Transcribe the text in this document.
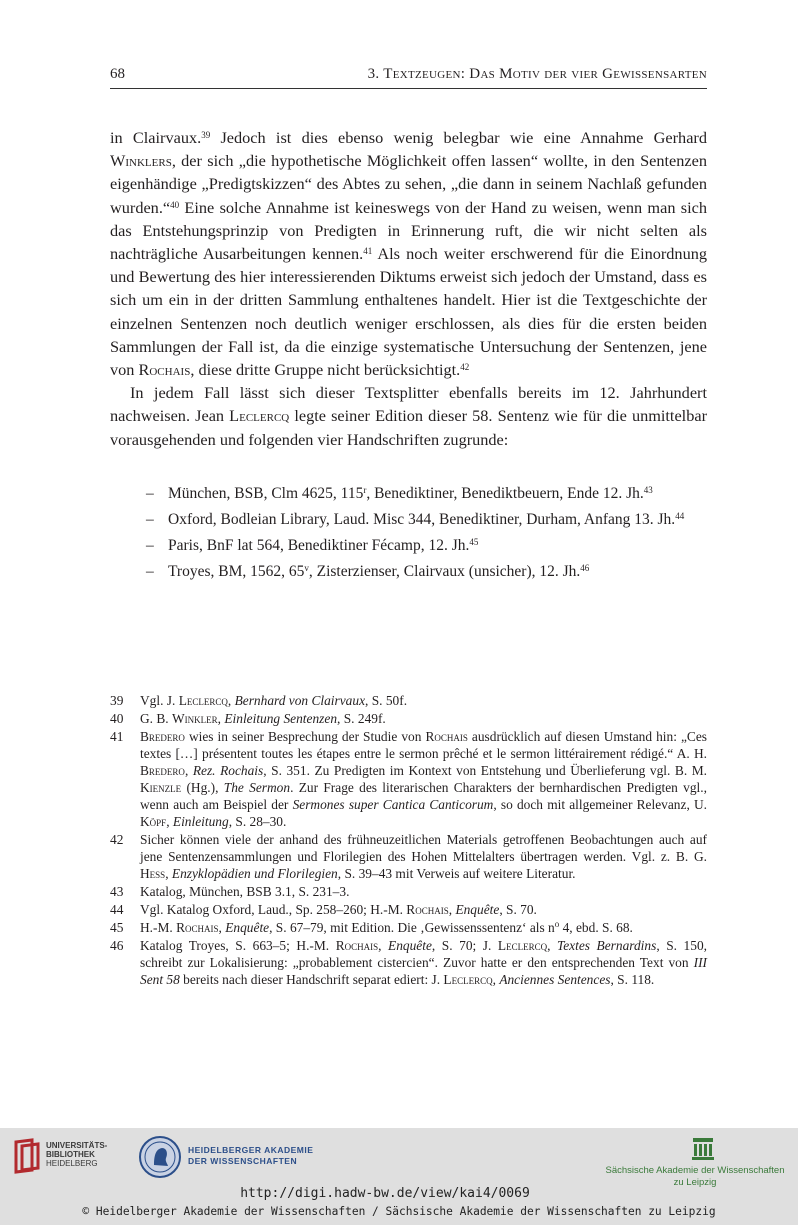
68	3. Textzeugen: Das Motiv der vier Gewissensarten

in Clairvaux.$^{39}$ Jedoch ist dies ebenso wenig belegbar wie eine Annahme Gerhard Winklers, der sich „die hypothetische Möglichkeit offen lassen“ wollte, in den Sentenzen eigenhändige „Predigtskizzen“ des Abtes zu sehen, „die dann in seinem Nachlaß gefunden wurden.“$^{40}$ Eine solche Annahme ist keineswegs von der Hand zu weisen, wenn man sich das Entstehungsprinzip von Predigten in Erinnerung ruft, die wir nicht selten als nachträgliche Ausarbeitungen kennen.$^{41}$ Als noch weiter erschwerend für die Einordnung und Bewertung des hier interessierenden Diktums erweist sich jedoch der Umstand, dass es sich um ein in der dritten Sammlung enthaltenes handelt. Hier ist die Textgeschichte der einzelnen Sentenzen noch deutlich weniger erschlossen, als dies für die ersten beiden Sammlungen der Fall ist, da die einzige systematische Untersuchung der Sentenzen, jene von Rochais, diese dritte Gruppe nicht berücksichtigt.$^{42}$

In jedem Fall lässt sich dieser Textsplitter ebenfalls bereits im 12. Jahrhundert nachweisen. Jean Leclercq legte seiner Edition dieser 58. Sentenz wie für die unmittelbar vorausgehenden und folgenden vier Handschriften zugrunde:

– München, BSB, Clm 4625, 115$^r$, Benediktiner, Benediktbeuern, Ende 12. Jh.$^{43}$
– Oxford, Bodleian Library, Laud. Misc 344, Benediktiner, Durham, Anfang 13. Jh.$^{44}$
– Paris, BnF lat 564, Benediktiner Fécamp, 12. Jh.$^{45}$
– Troyes, BM, 1562, 65$^v$, Zisterzienser, Clairvaux (unsicher), 12. Jh.$^{46}$
39 Vgl. J. Leclercq, Bernhard von Clairvaux, S. 50f.
40 G. B. Winkler, Einleitung Sentenzen, S. 249f.
41 Bredero wies in seiner Besprechung der Studie von Rochais ausdrücklich auf diesen Umstand hin: „Ces textes […] présentent toutes les étapes entre le sermon prêché et le sermon littérairement rédigé.“ A. H. Bredero, Rez. Rochais, S. 351. Zu Predigten im Kontext von Entstehung und Überlieferung vgl. B. M. Kienzle (Hg.), The Sermon. Zur Frage des literarischen Charakters der bernhardischen Predigten vgl., wenn auch am Beispiel der Sermones super Cantica Canticorum, so doch mit allgemeiner Relevanz, U. Köpf, Einleitung, S. 28–30.
42 Sicher können viele der anhand des frühneuzeitlichen Materials getroffenen Beobachtungen auch auf jene Sentenzensammlungen und Florilegien des Hohen Mittelalters übertragen werden. Vgl. z. B. G. Hess, Enzyklopädien und Florilegien, S. 39–43 mit Verweis auf weitere Literatur.
43 Katalog, München, BSB 3.1, S. 231–3.
44 Vgl. Katalog Oxford, Laud., Sp. 258–260; H.-M. Rochais, Enquête, S. 70.
45 H.-M. Rochais, Enquête, S. 67–79, mit Edition. Die ‚Gewissenssentenz‘ als $n^o$ 4, ebd. S. 68.
46 Katalog Troyes, S. 663–5; H.-M. Rochais, Enquête, S. 70; J. Leclercq, Textes Bernardins, S. 150, schreibt zur Lokalisierung: „probablement cistercien“. Zuvor hatte er den entsprechenden Text von III Sent 58 bereits nach dieser Handschrift separat ediert: J. Leclercq, Anciennes Sentences, S. 118.
UNIVERSITÄTS-
BIBLIOTHEK
HEIDELBERG
HEIDELBERGER AKADEMIE
DER WISSENSCHAFTEN
Sächsische Akademie der Wissenschaften
zu Leipzig
http://digi.hadw-bw.de/view/kai4/0069
© Heidelberger Akademie der Wissenschaften / Sächsische Akademie der Wissenschaften zu Leipzig
